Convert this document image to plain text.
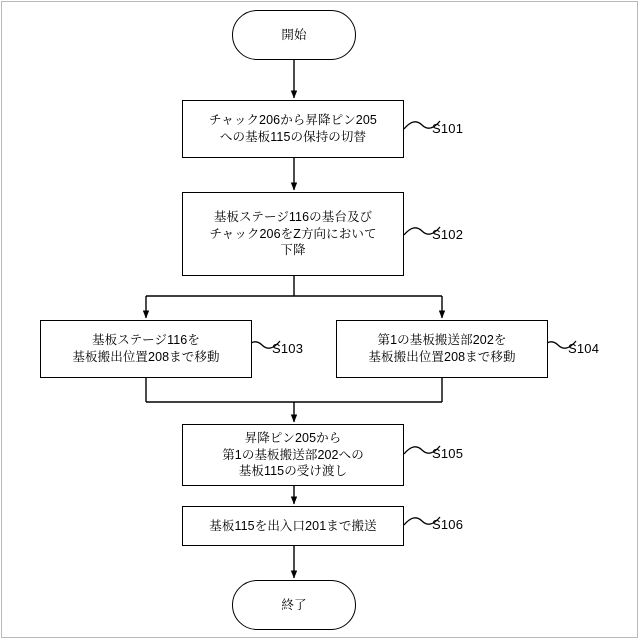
開始
チャック206から昇降ピン205
への基板115の保持の切替
基板ステージ116の基台及び
チャック206をZ方向において
下降
基板ステージ116を
基板搬出位置208まで移動
第1の基板搬送部202を
基板搬出位置208まで移動
昇降ピン205から
第1の基板搬送部202への
基板115の受け渡し
基板115を出入口201まで搬送
終了
S101
S102
S103	S104
S105
S106
